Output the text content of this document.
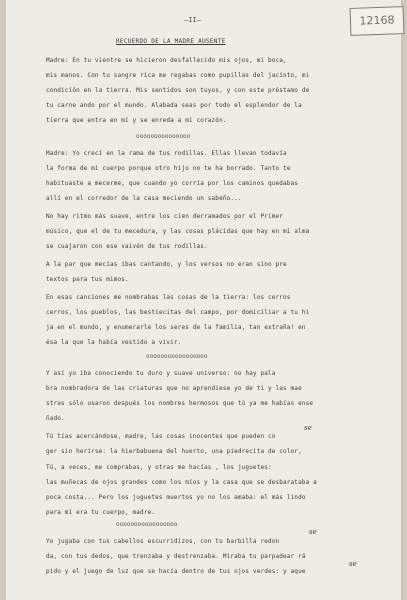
12168
—II—
RECUERDO DE LA MADRE AUSENTE
Madre: En tu vientre se hicieron desfallecido mis ojos, mi boca,
mis manos. Con tu sangre rica me regabas como pupillas del jacinto, mi
condición en la tierra. Mis sentidos son tuyos, y con este préstamo de
tu carne ando por el mundo. Alabada seas por todo el esplendor de la
tierra que entra en mí y se enreda a mi corazón.
ooooooooooooooo
Madre: Yo crecí en la rama de tus rodillas. Ellas llevan todavía
la forma de mi cuerpo porque otro hijo no te ha borrado. Tanto te
habituaste a mecerme, que cuando yo corría por los caminos quedabas
allí en el corredor de la casa meciendo un sabeño...
No hay ritmo más suave, entre los cien derramados por el Primer
músico, que el de tu mecedura, y las cosas plácidas que hay en mi alma
se cuajaron con ese vaivén de tus rodillas.
A la par que mecías ibas cantando, y los versos no eran sino pre
textos para tus mimos.
En esas canciones me nombrabas las cosas de la tierra: los cerros
cerros, los pueblos, las bestiecitas del campo, por domiciliar a tu hi
ja en el mundo, y enumerarle los seres de la familia, tan extraña! en
ésa la que la había vestido a vivir.
ooooooooooooooooo
Y así yo iba conociendo tu duro y suave universo: no hay pala
bra nombradora de las criaturas que no aprendiese yo de ti y las mae
stras sólo usaron después los nombres hermosos que tú ya me habías ense
ñado.
se
Tú tías acercándose, madre, las cosas inocentes que pueden co
ger sin herirse: la hierbabuena del huerto, una piedrecita de color,
Tú, a veces, me comprabas, y otras me hacías , los juguetes:
las muñecas de ojos grandes como los míos y la casa que se desbarataba a
poca costa... Pero los juguetes muertos yo no los amaba: el más lindo
para mí era tu cuerpo, madre.
ooooooooooooooooo
se
Yo jugaba con tus cabellos escurridizos, con tu barbilla redon
da, con tus dedos, que trenzaba y destrenzaba. Miraba tu parpadear rá
se
pido y el juego de luz que se hacía dentro de tus ojos verdes: y aque
